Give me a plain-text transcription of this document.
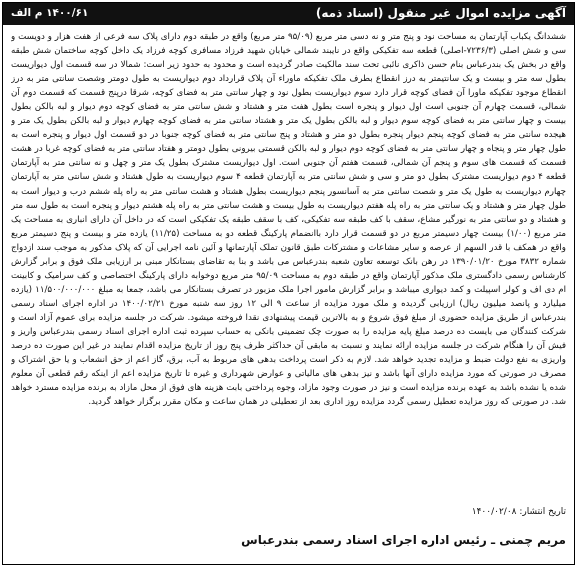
آگهی مزایده اموال غیر منقول (اسناد ذمه)
۱۴۰۰/۶۱ م الف
ششدانگ یکباب آپارتمان به مساحت نود و پنج متر و نه دسی متر مربع (۹۵/۰۹ متر مربع) واقع در طبقه دوم دارای پلاک سه فرعی از هفت هزار و دویست و سی و شش اصلی (۷۲۳۶/۳-اصلی) قطعه سه تفکیکی واقع در نایبند شمالی خیابان شهید فرزاد مسافری کوچه فرزاد یک داخل کوچه ساختمان شش طبقه واقع در بخش یک بندرعباس بنام حسن ذاکری نائبی تحت سند مالکیت صادر گردیده است و محدود به حدود زیر است: شمالا در سه قسمت اول دیواریست بطول سه متر و بیست و یک سانتیمتر به درز انقطاع بطرف ملک تفکیکه ماوراء آن پلاک قرارداد دوم دیواریست به طول دومتر وشصت سانتی متر به درز انقطاع موجود تفکیکه ماورا آن فضای کوچه قرار دارد سوم دیواریست بطول نود و چهار سانتی متر به فضای کوچه، شرقا درپنج قسمت که قسمت دوم آن شمالی، قسمت چهارم آن جنوبی است اول دیوار و پنجره است بطول هفت متر و هشتاد و شش سانتی متر به فضای کوچه دوم دیوار و لبه بالکن بطول بیست و چهار سانتی متر به فضای کوچه سوم دیوار و لبه بالکن بطول یک متر و هشتاد سانتی متر به فضای کوچه چهارم دیوار و لبه بالکن بطول یک متر و هیجده سانتی متر به فضای کوچه پنجم دیوار پنجره بطول دو متر و هشتاد و پنج سانتی متر به فضای کوچه جنوبا در دو قسمت اول دیوار و پنجره است به طول چهار متر و پنجاه و چهار سانتی متر به فضای کوچه دوم دیوار و لبه بالکن قسمتی بیرونی بطول دومتر و هفتاد سانتی متر به فضای کوچه غربا در هشت قسمت که قسمت های سوم و پنجم آن شمالی، قسمت هفتم آن جنوبی است. اول دیواریست مشترک بطول یک متر و چهل و نه سانتی متر به آپارتمان قطعه ۴ دوم دیواریست مشترک بطول دو متر و سی و شش سانتی متر به آپارتمان قطعه ۴ سوم دیواریست به طول هشتاد و شش سانتی متر به آپارتمان چهارم دیواریست به طول یک متر و شصت سانتی متر به آسانسور پنجم دیواریست بطول هشتاد و هشت سانتی متر به راه پله ششم درب و دیوار است به طول چهار متر و هشتاد و یک سانتی متر به راه پله هفتم دیواریست به طول بیست و هشت سانتی متر به راه پله هشتم دیوار و پنجره است به طول سه متر و هشتاد و دو سانتی متر به نورگیر مشاع، سقف با کف طبقه سه تفکیکی، کف با سقف طبقه یک تفکیکی است که در داخل آن دارای انباری به مساحت یک متر مربع (۱/۰۰) بیست چهار دسیمتر مربع در دو قسمت قرار دارد باانضمام پارکینگ قطعه دو به مساحت (۱۱/۲۵) یازده متر و بیست و پنج دسیمتر مربع واقع در همکف با قدر السهم از عرصه و سایر مشاعات و مشترکات طبق قانون تملک آپارتمانها و آئین نامه اجرایی آن که پلاک مذکور به موجب سند ازدواج شماره ۳۸۳۲ مورخ ۱۳۹۰/۰۱/۲۰ در رهن بانک توسعه تعاون شعبه بندرعباس می باشد و بنا به تقاضای بستانکار مبنی بر ارزیابی ملک فوق و برابر گزارش کارشناس رسمی دادگستری ملک مذکور آپارتمان واقع در طبقه دوم به مساحت ۹۵/۰۹ متر مربع دوخوابه دارای پارکینگ اختصاصی و کف سرامیک و کابینت ام دی اف و کولر اسپیلت و کمد دیواری میباشد و برابر گزارش مامور اجرا ملک مزبور در تصرف بستانکار می باشد، جمعا به مبلغ ۱۱/۵۰۰/۰۰۰/۰۰۰ (یازده میلیارد و پانصد میلیون ریال) ارزیابی گردیده و ملک مورد مزایده از ساعت ۹ الی ۱۲ روز سه شنبه مورخ ۱۴۰۰/۰۲/۲۱ در اداره اجرای اسناد رسمی بندرعباس از طریق مزایده حضوری از مبلغ فوق شروع و به بالاترین قیمت پیشنهادی نقدا فروخته میشود. شرکت در جلسه مزایده برای عموم آزاد است و شرکت کنندگان می بایست ده درصد مبلغ پایه مزایده را به صورت چک تضمینی بانکی به حساب سپرده ثبت اداره اجرای اسناد رسمی بندرعباس واریز و فیش آن را هنگام شرکت در جلسه مزایده ارائه نمایند و نسبت به مابقی آن حداکثر ظرف پنج روز از تاریخ مزایده اقدام نمایند در غیر این صورت ده درصد واریزی به نفع دولت ضبط و مزایده تجدید خواهد شد. لازم به ذکر است پرداخت بدهی های مربوط به آب، برق، گاز اعم از حق انشعاب و یا حق اشتراک و مصرف در صورتی که مورد مزایده دارای آنها باشد و نیز بدهی های مالیاتی و عوارض شهرداری و غیره تا تاریخ مزایده اعم از اینکه رقم قطعی آن معلوم شده یا نشده باشد به عهده برنده مزایده است و نیز در صورت وجود مازاد، وجوه پرداختی بابت هزینه های فوق از محل مازاد به برنده مزایده مسترد خواهد شد. در صورتی که روز مزایده تعطیل رسمی گردد مزایده روز اداری بعد از تعطیلی در همان ساعت و مکان مقرر برگزار خواهد گردید.
تاریخ انتشار: ۱۴۰۰/۰۲/۰۸
مریم چمنی ـ رئیس اداره اجرای اسناد رسمی بندرعباس
